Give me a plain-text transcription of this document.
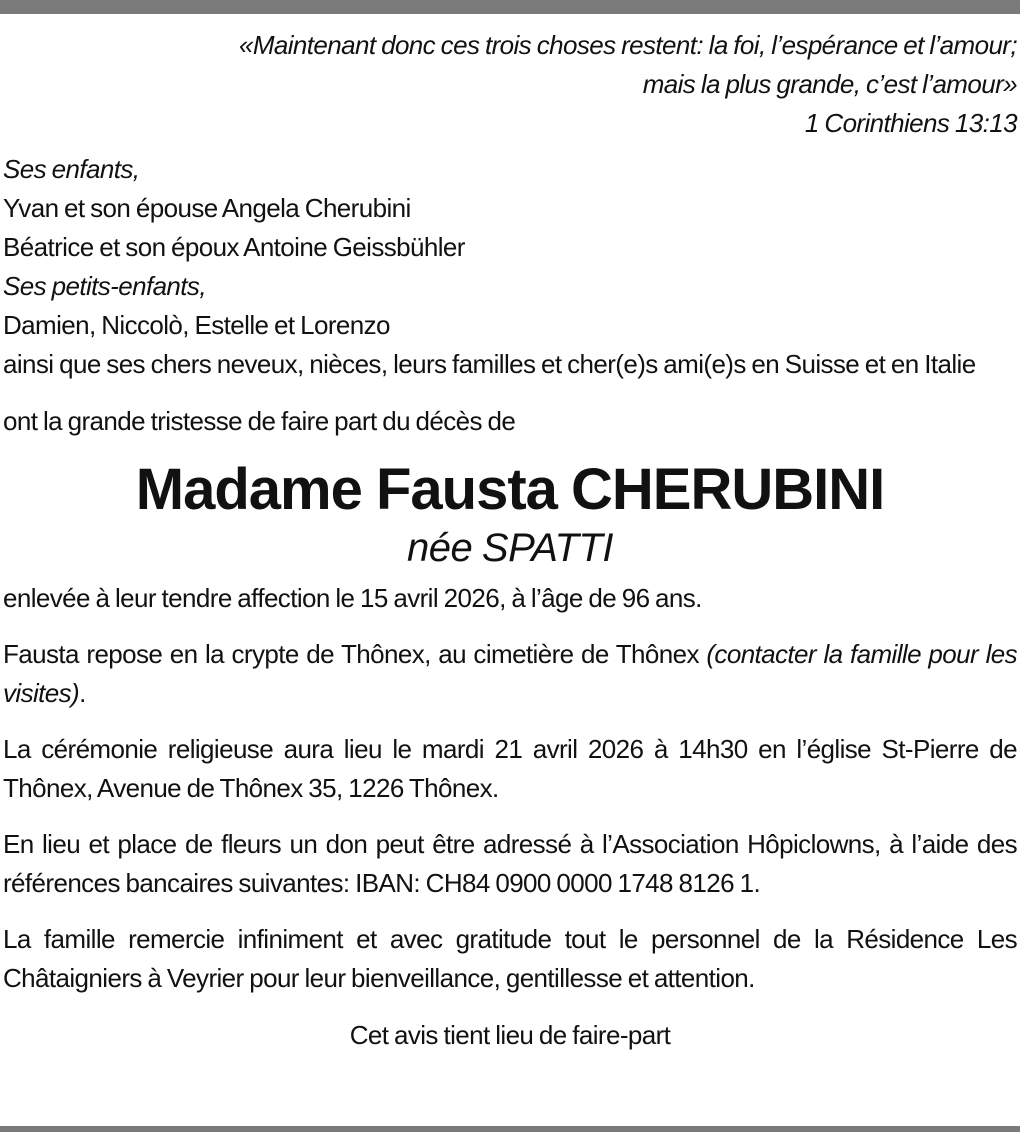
«Maintenant donc ces trois choses restent: la foi, l’espérance et l’amour;
mais la plus grande, c’est l’amour»
1 Corinthiens 13:13
Ses enfants,
Yvan et son épouse Angela Cherubini
Béatrice et son époux Antoine Geissbühler
Ses petits-enfants,
Damien, Niccolò, Estelle et Lorenzo
ainsi que ses chers neveux, nièces, leurs familles et cher(e)s ami(e)s en Suisse et en Italie
ont la grande tristesse de faire part du décès de
Madame Fausta CHERUBINI
née SPATTI
enlevée à leur tendre affection le 15 avril 2026, à l’âge de 96 ans.
Fausta repose en la crypte de Thônex, au cimetière de Thônex (contacter la famille pour les visites).
La cérémonie religieuse aura lieu le mardi 21 avril 2026 à 14h30 en l’église St-Pierre de Thônex, Avenue de Thônex 35, 1226 Thônex.
En lieu et place de fleurs un don peut être adressé à l’Association Hôpiclowns, à l’aide des références bancaires suivantes: IBAN: CH84 0900 0000 1748 8126 1.
La famille remercie infiniment et avec gratitude tout le personnel de la Résidence Les Châtaigniers à Veyrier pour leur bienveillance, gentillesse et attention.
Cet avis tient lieu de faire-part
